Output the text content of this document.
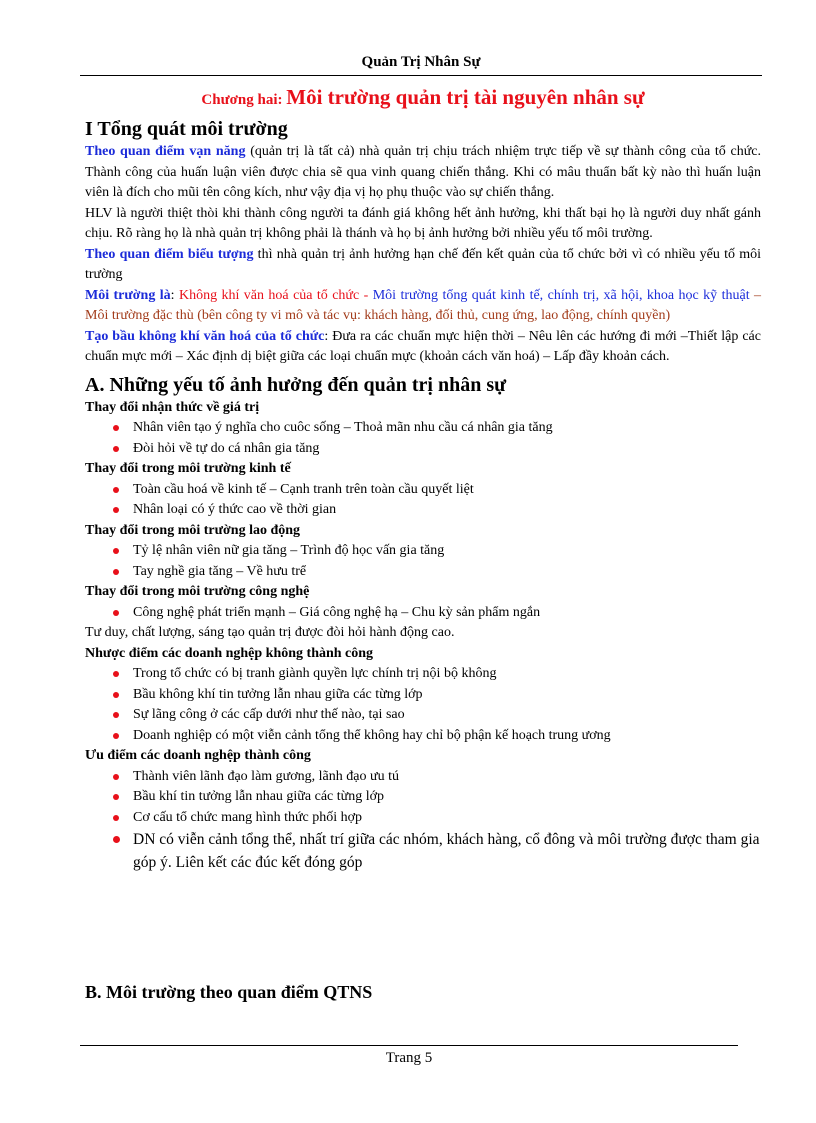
Quản Trị Nhân Sự
Chương hai: Môi trường quản trị tài nguyên nhân sự
I Tổng quát môi trường

Theo quan điểm vạn năng (quản trị là tất cả) nhà quản trị chịu trách nhiệm trực tiếp về sự thành công của tổ chức. Thành công của huấn luận viên được chia sẽ qua vinh quang chiến thắng. Khi có mâu thuẩn bất kỳ nào thì huấn luận viên là đích cho mũi tên công kích, như vậy địa vị họ phụ thuộc vào sự chiến thắng.

HLV là người thiệt thòi khi thành công người ta đánh giá không hết ảnh hưởng, khi thất bại họ là người duy nhất gánh chịu. Rõ ràng họ là nhà quản trị không phải là thánh và họ bị ảnh hưởng bởi nhiều yếu tố môi trường.

Theo quan điểm biểu tượng thì nhà quản trị ảnh hưởng hạn chế đến kết quản của tổ chức bởi vì có nhiều yếu tố môi trường

Môi trường là: Không khí văn hoá của tổ chức - Môi trường tổng quát kinh tế, chính trị, xã hội, khoa học kỹ thuật – Môi trường đặc thù (bên công ty vi mô và tác vụ: khách hàng, đối thủ, cung ứng, lao động, chính quyền)

Tạo bầu không khí văn hoá của tổ chức: Đưa ra các chuẩn mực hiện thời – Nêu lên các hướng đi mới –Thiết lập các chuẩn mực mới – Xác định dị biệt giữa các loại chuẩn mực (khoản cách văn hoá) – Lấp đầy khoản cách.

A. Những yếu tố ảnh hưởng đến quản trị nhân sự
Thay đổi nhận thức về giá trị
Nhân viên tạo ý nghĩa cho cuôc sống – Thoả mãn nhu cầu cá nhân gia tăng
Đòi hỏi về tự do cá nhân gia tăng
Thay đổi trong môi trường kinh tế
Toàn cầu hoá về kinh tế – Cạnh tranh trên toàn cầu quyết liệt
Nhân loại có ý thức cao về thời gian
Thay đổi trong môi trường lao động
Tỷ lệ nhân viên nữ gia tăng – Trình độ học vấn gia tăng
Tay nghề gia tăng – Về hưu trể
Thay đổi trong môi trường công nghệ
Công nghệ phát triển mạnh – Giá công nghệ hạ – Chu kỳ sản phẩm ngắn

Tư duy, chất lượng, sáng tạo quản trị được đòi hỏi hành động cao.

Nhược điểm các doanh nghệp không thành công
Trong tổ chức có bị tranh giành quyền lực chính trị nội bộ không
Bầu không khí tin tưởng lẫn nhau giữa các từng lớp
Sự lãng công ở các cấp dưới như thế nào, tại sao
Doanh nghiệp có một viễn cảnh tổng thể không hay chỉ bộ phận kế hoạch trung ương
Ưu điểm các doanh nghệp thành công
Thành viên lãnh đạo làm gương, lãnh đạo ưu tú
Bầu khí tin tưởng lẫn nhau giữa các từng lớp
Cơ cấu tổ chức mang hình thức phối hợp
DN có viễn cảnh tổng thể, nhất trí giữa các nhóm, khách hàng, cổ đông và môi trường được tham gia góp ý. Liên kết các đúc kết đóng góp
B. Môi trường theo quan điểm QTNS
Trang 5
